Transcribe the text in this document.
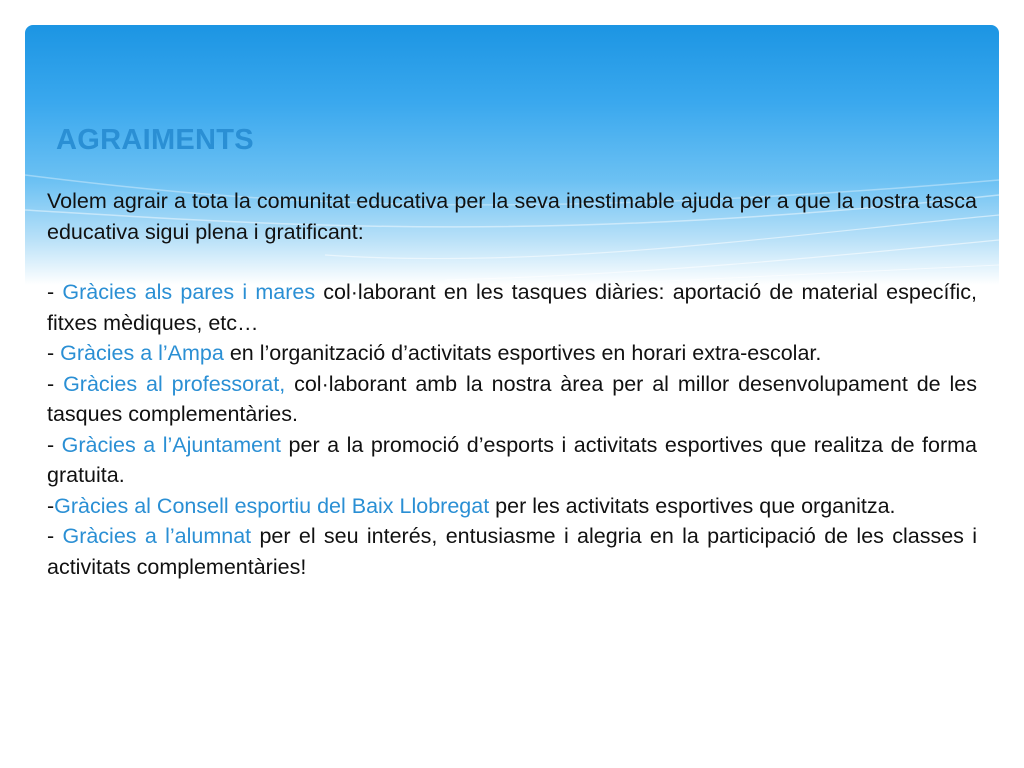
AGRAIMENTS

Volem agrair a tota la comunitat educativa per la seva inestimable ajuda per a que la nostra tasca educativa sigui plena i gratificant:

- Gràcies als pares i mares col·laborant en les tasques diàries: aportació de material específic, fitxes mèdiques, etc…

- Gràcies a l’Ampa en l’organització d’activitats esportives en horari extra-escolar.

- Gràcies al professorat, col·laborant amb la nostra àrea per al millor desenvolupament de les tasques complementàries.

- Gràcies a l’Ajuntament per a la promoció d’esports i activitats esportives que realitza de forma gratuita.

-Gràcies al Consell esportiu del Baix Llobregat per les activitats esportives que organitza.

- Gràcies a l’alumnat per el seu interés, entusiasme i alegria en la participació de les classes i activitats complementàries!
